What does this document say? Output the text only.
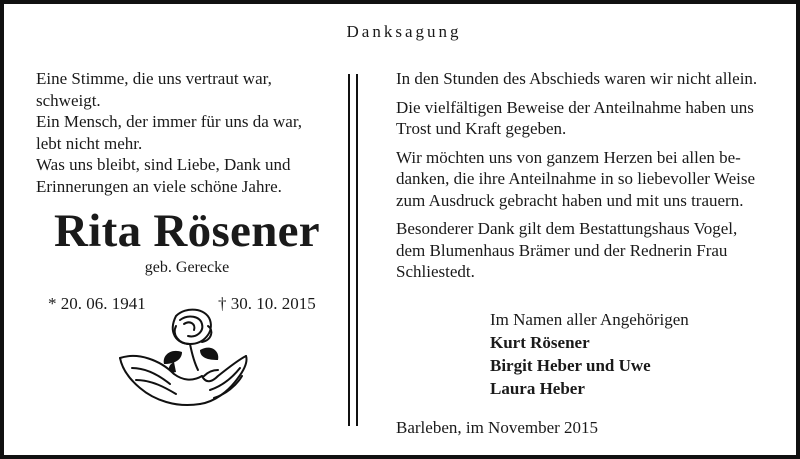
Danksagung
Eine Stimme, die uns vertraut war,
schweigt.
Ein Mensch, der immer für uns da war,
lebt nicht mehr.
Was uns bleibt, sind Liebe, Dank und
Erinnerungen an viele schöne Jahre.
Rita Rösener
geb. Gerecke
* 20. 06. 1941	† 30. 10. 2015
In den Stunden des Abschieds waren wir nicht allein.
Die vielfältigen Beweise der Anteilnahme haben uns
Trost und Kraft gegeben.
Wir möchten uns von ganzem Herzen bei allen be-
danken, die ihre Anteilnahme in so liebevoller Weise
zum Ausdruck gebracht haben und mit uns trauern.
Besonderer Dank gilt dem Bestattungshaus Vogel,
dem Blumenhaus Brämer und der Rednerin Frau
Schliestedt.
Im Namen aller Angehörigen
Kurt Rösener
Birgit Heber und Uwe
Laura Heber
Barleben, im November 2015
